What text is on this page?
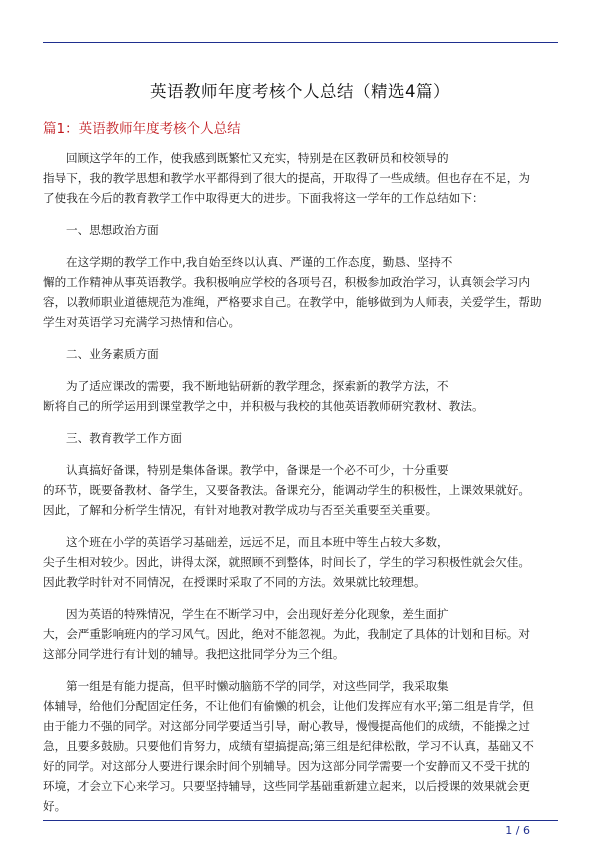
英语教师年度考核个人总结（精选4篇）
篇1：英语教师年度考核个人总结
回顾这学年的工作，使我感到既繁忙又充实，特别是在区教研员和校领导的
指导下，我的教学思想和教学水平都得到了很大的提高，开取得了一些成绩。但也存在不足，为
了使我在今后的教育教学工作中取得更大的进步。下面我将这一学年的工作总结如下：
一、思想政治方面
在这学期的教学工作中,我自始至终以认真、严谨的工作态度，勤恳、坚持不
懈的工作精神从事英语教学。我积极响应学校的各项号召，积极参加政治学习，认真领会学习内
容，以教师职业道德规范为准绳，严格要求自己。在教学中，能够做到为人师表，关爱学生，帮助
学生对英语学习充满学习热情和信心。
二、业务素质方面
为了适应课改的需要，我不断地钻研新的教学理念，探索新的教学方法，不
断将自己的所学运用到课堂教学之中，并积极与我校的其他英语教师研究教材、教法。
三、教育教学工作方面
认真搞好备课，特别是集体备课。教学中，备课是一个必不可少，十分重要
的环节，既要备教材、备学生，又要备教法。备课充分，能调动学生的积极性，上课效果就好。
因此，了解和分析学生情况，有针对地教对教学成功与否至关重要至关重要。
这个班在小学的英语学习基础差，远远不足，而且本班中等生占较大多数，
尖子生相对较少。因此，讲得太深，就照顾不到整体，时间长了，学生的学习积极性就会欠佳。
因此教学时针对不同情况，在授课时采取了不同的方法。效果就比较理想。
因为英语的特殊情况，学生在不断学习中，会出现好差分化现象，差生面扩
大，会严重影响班内的学习风气。因此，绝对不能忽视。为此，我制定了具体的计划和目标。对
这部分同学进行有计划的辅导。我把这批同学分为三个组。
第一组是有能力提高，但平时懒动脑筋不学的同学，对这些同学，我采取集
体辅导，给他们分配固定任务，不让他们有偷懒的机会，让他们发挥应有水平;第二组是肯学，但
由于能力不强的同学。对这部分同学要适当引导，耐心教导，慢慢提高他们的成绩，不能操之过
急，且要多鼓励。只要他们肯努力，成绩有望搞提高;第三组是纪律松散，学习不认真，基础又不
好的同学。对这部分人要进行课余时间个别辅导。因为这部分同学需要一个安静而又不受干扰的
环境，才会立下心来学习。只要坚持辅导，这些同学基础重新建立起来，以后授课的效果就会更
好。
1 / 6
